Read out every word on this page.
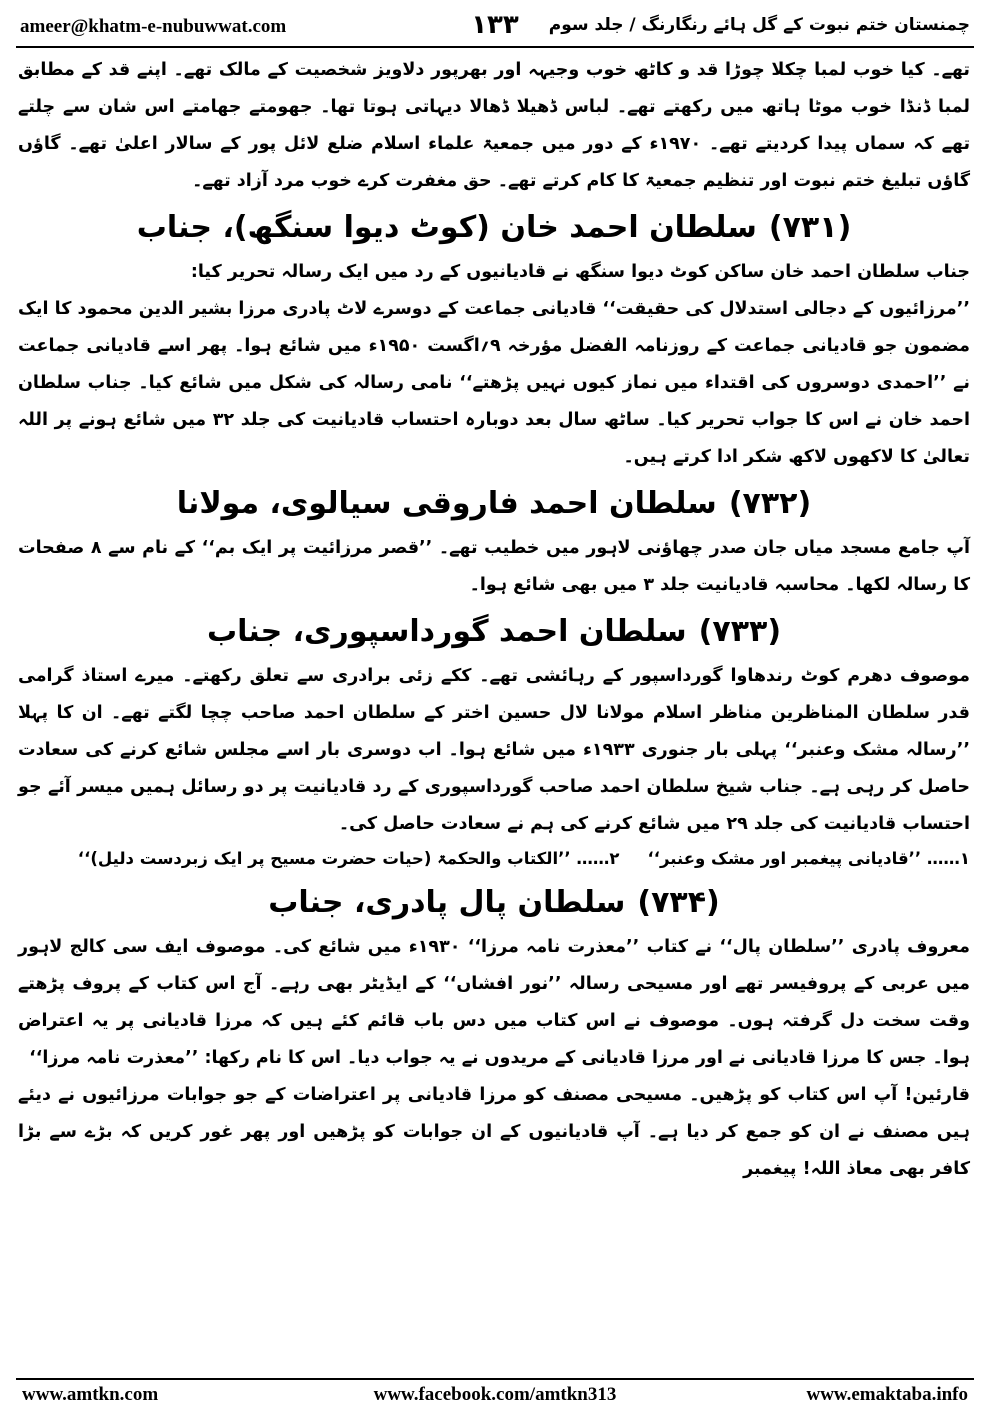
ameer@khatm-e-nubuwwat.com	۱۳۳	چمنستان ختم نبوت کے گل ہائے رنگارنگ / جلد سوم

تھے۔ کیا خوب لمبا چکلا چوڑا قد و کاٹھ خوب وجیہہ اور بھرپور دلاویز شخصیت کے مالک تھے۔ اپنے قد کے مطابق لمبا ڈنڈا خوب موٹا ہاتھ میں رکھتے تھے۔ لباس ڈھیلا ڈھالا دیہاتی ہوتا تھا۔ جھومتے جھامتے اس شان سے چلتے تھے کہ سماں پیدا کردیتے تھے۔ ۱۹۷۰ء کے دور میں جمعیۃ علماء اسلام ضلع لائل پور کے سالار اعلیٰ تھے۔ گاؤں گاؤں تبلیغ ختم نبوت اور تنظیم جمعیۃ کا کام کرتے تھے۔ حق مغفرت کرے خوب مرد آزاد تھے۔

(۷۳۱)سلطان احمد خان (کوٹ دیوا سنگھ)، جناب

جناب سلطان احمد خان ساکن کوٹ دیوا سنگھ نے قادیانیوں کے رد میں ایک رسالہ تحریر کیا:

’’مرزائیوں کے دجالی استدلال کی حقیقت‘‘ قادیانی جماعت کے دوسرے لاٹ پادری مرزا بشیر الدین محمود کا ایک مضمون جو قادیانی جماعت کے روزنامہ الفضل مؤرخہ ۹؍اگست ۱۹۵۰ء میں شائع ہوا۔ پھر اسے قادیانی جماعت نے ’’احمدی دوسروں کی اقتداء میں نماز کیوں نہیں پڑھتے‘‘ نامی رسالہ کی شکل میں شائع کیا۔ جناب سلطان احمد خان نے اس کا جواب تحریر کیا۔ ساٹھ سال بعد دوبارہ احتساب قادیانیت کی جلد ۳۲ میں شائع ہونے پر اللہ تعالیٰ کا لاکھوں لاکھ شکر ادا کرتے ہیں۔

(۷۳۲)سلطان احمد فاروقی سیالوی، مولانا

آپ جامع مسجد میاں جان صدر چھاؤنی لاہور میں خطیب تھے۔ ’’قصر مرزائیت پر ایک بم‘‘ کے نام سے ۸ صفحات کا رسالہ لکھا۔ محاسبہ قادیانیت جلد ۳ میں بھی شائع ہوا۔

(۷۳۳)سلطان احمد گورداسپوری، جناب

موصوف دھرم کوٹ رندھاوا گورداسپور کے رہائشی تھے۔ ککے زئی برادری سے تعلق رکھتے۔ میرے استاذ گرامی قدر سلطان المناظرین مناظر اسلام مولانا لال حسین اختر کے سلطان احمد صاحب چچا لگتے تھے۔ ان کا پہلا ’’رسالہ مشک وعنبر‘‘ پہلی بار جنوری ۱۹۳۳ء میں شائع ہوا۔ اب دوسری بار اسے مجلس شائع کرنے کی سعادت حاصل کر رہی ہے۔ جناب شیخ سلطان احمد صاحب گورداسپوری کے رد قادیانیت پر دو رسائل ہمیں میسر آئے جو احتساب قادیانیت کی جلد ۲۹ میں شائع کرنے کی ہم نے سعادت حاصل کی۔

۱…… ’’قادیانی پیغمبر اور مشک وعنبر‘‘
۲…… ’’الکتاب والحکمۃ (حیات حضرت مسیح پر ایک زبردست دلیل)‘‘
(۷۳۴)سلطان پال پادری، جناب

معروف پادری ’’سلطان پال‘‘ نے کتاب ’’معذرت نامہ مرزا‘‘ ۱۹۳۰ء میں شائع کی۔ موصوف ایف سی کالج لاہور میں عربی کے پروفیسر تھے اور مسیحی رسالہ ’’نور افشاں‘‘ کے ایڈیٹر بھی رہے۔ آج اس کتاب کے پروف پڑھتے وقت سخت دل گرفتہ ہوں۔ موصوف نے اس کتاب میں دس باب قائم کئے ہیں کہ مرزا قادیانی پر یہ اعتراض ہوا۔ جس کا مرزا قادیانی نے اور مرزا قادیانی کے مریدوں نے یہ جواب دیا۔ اس کا نام رکھا: ’’معذرت نامہ مرزا‘‘

قارئین! آپ اس کتاب کو پڑھیں۔ مسیحی مصنف کو مرزا قادیانی پر اعتراضات کے جو جوابات مرزائیوں نے دیئے ہیں مصنف نے ان کو جمع کر دیا ہے۔ آپ قادیانیوں کے ان جوابات کو پڑھیں اور پھر غور کریں کہ بڑے سے بڑا کافر بھی معاذ اللہ! پیغمبر

www.amtkn.com	www.facebook.com/amtkn313	www.emaktaba.info
